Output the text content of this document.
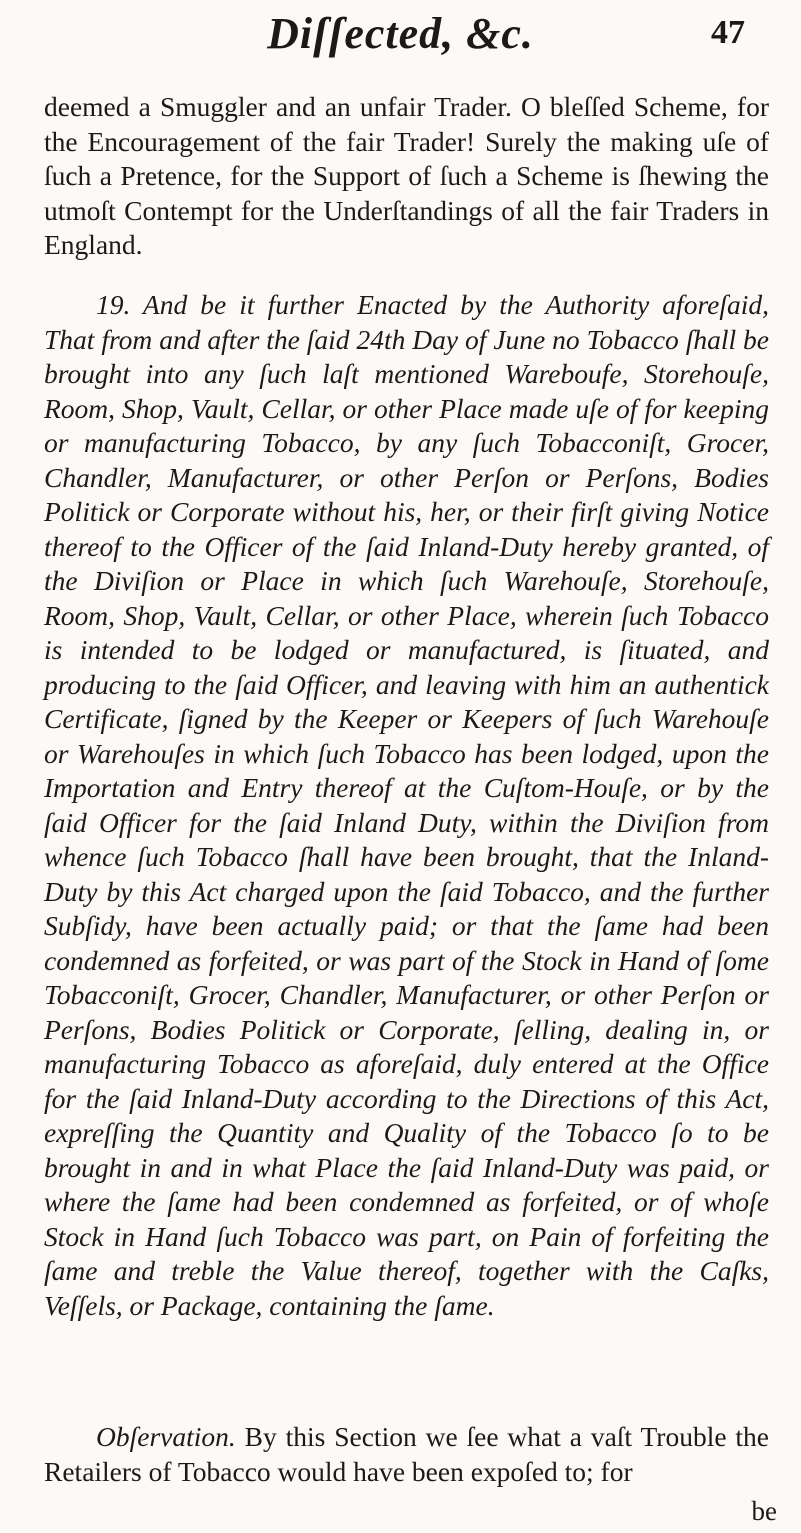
Diſſected, &c.	47

deemed a Smuggler and an unfair Trader. O bleſſed Scheme, for the Encouragement of the fair Trader! Surely the making uſe of ſuch a Pretence, for the Support of ſuch a Scheme is ſhewing the utmoſt Contempt for the Underſtandings of all the fair Traders in England.

19. And be it further Enacted by the Authority aforeſaid, That from and after the ſaid 24th Day of June no Tobacco ſhall be brought into any ſuch laſt mentioned Wareboufe, Storehouſe, Room, Shop, Vault, Cellar, or other Place made uſe of for keeping or manufacturing Tobacco, by any ſuch Tobacconiſt, Grocer, Chandler, Manufacturer, or other Perſon or Perſons, Bodies Politick or Corporate without his, her, or their firſt giving Notice thereof to the Officer of the ſaid Inland-Duty hereby granted, of the Diviſion or Place in which ſuch Warehouſe, Storehouſe, Room, Shop, Vault, Cellar, or other Place, wherein ſuch Tobacco is intended to be lodged or manufactured, is ſituated, and producing to the ſaid Officer, and leaving with him an authentick Certificate, ſigned by the Keeper or Keepers of ſuch Warehouſe or Warehouſes in which ſuch Tobacco has been lodged, upon the Importation and Entry thereof at the Cuſtom-Houſe, or by the ſaid Officer for the ſaid Inland Duty, within the Diviſion from whence ſuch Tobacco ſhall have been brought, that the Inland-Duty by this Act charged upon the ſaid Tobacco, and the further Subſidy, have been actually paid; or that the ſame had been condemned as forfeited, or was part of the Stock in Hand of ſome Tobacconiſt, Grocer, Chandler, Manufacturer, or other Perſon or Perſons, Bodies Politick or Corporate, ſelling, dealing in, or manufacturing Tobacco as aforeſaid, duly entered at the Office for the ſaid Inland-Duty according to the Directions of this Act, expreſſing the Quantity and Quality of the Tobacco ſo to be brought in and in what Place the ſaid Inland-Duty was paid, or where the ſame had been condemned as forfeited, or of whoſe Stock in Hand ſuch Tobacco was part, on Pain of forfeiting the ſame and treble the Value thereof, together with the Caſks, Veſſels, or Package, containing the ſame.

Obſervation. By this Section we ſee what a vaſt Trouble the Retailers of Tobacco would have been expoſed to; for

be
